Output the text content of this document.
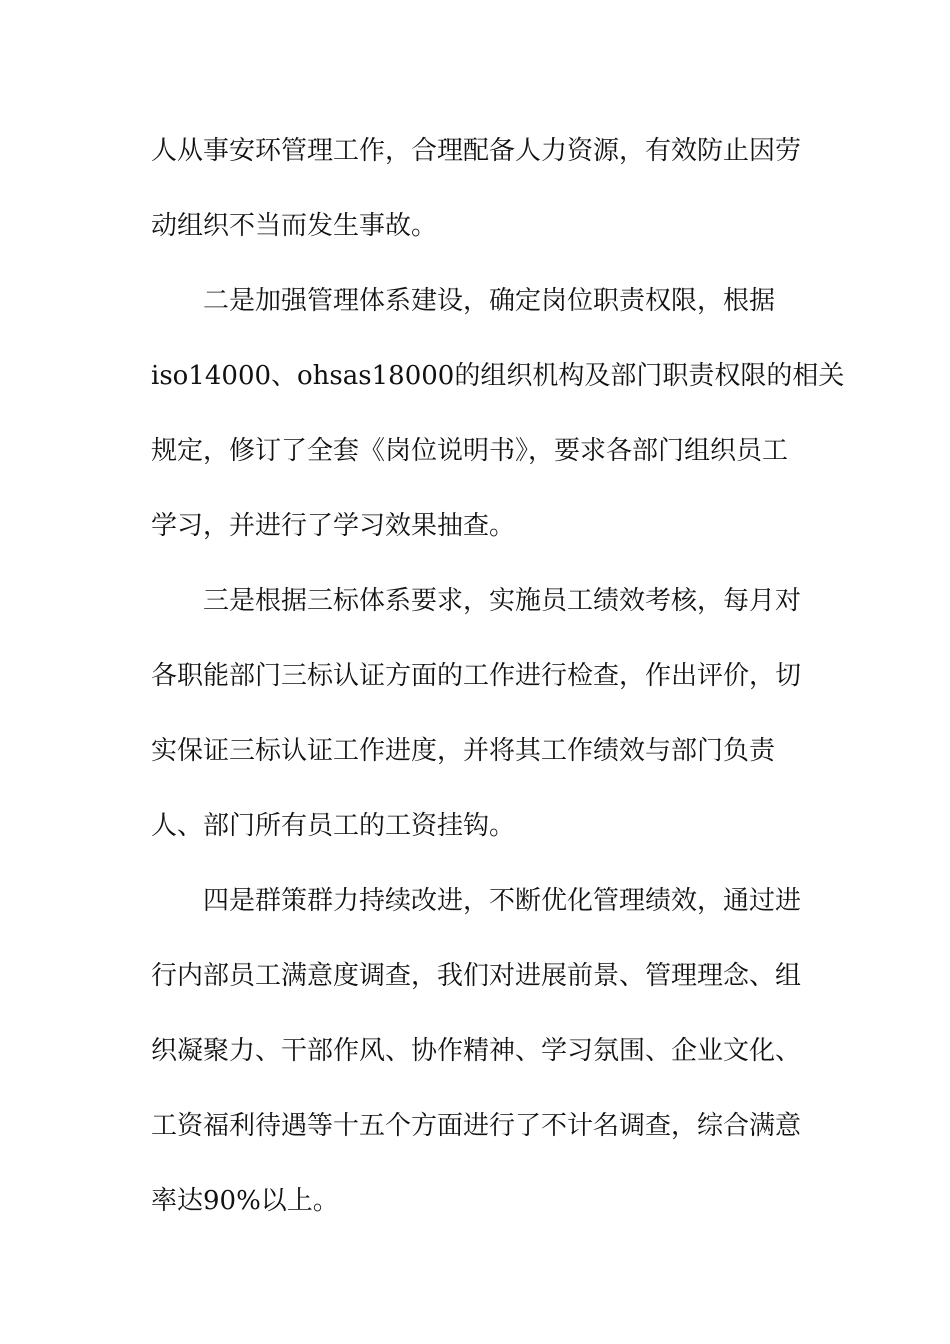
人从事安环管理工作，合理配备人力资源，有效防止因劳
动组织不当而发生事故。
二是加强管理体系建设，确定岗位职责权限，根据
iso14000、ohsas18000的组织机构及部门职责权限的相关
规定，修订了全套《岗位说明书》，要求各部门组织员工
学习，并进行了学习效果抽查。
三是根据三标体系要求，实施员工绩效考核，每月对
各职能部门三标认证方面的工作进行检查，作出评价，切
实保证三标认证工作进度，并将其工作绩效与部门负责
人、部门所有员工的工资挂钩。
四是群策群力持续改进，不断优化管理绩效，通过进
行内部员工满意度调查，我们对进展前景、管理理念、组
织凝聚力、干部作风、协作精神、学习氛围、企业文化、
工资福利待遇等十五个方面进行了不计名调查，综合满意
率达90%以上。
